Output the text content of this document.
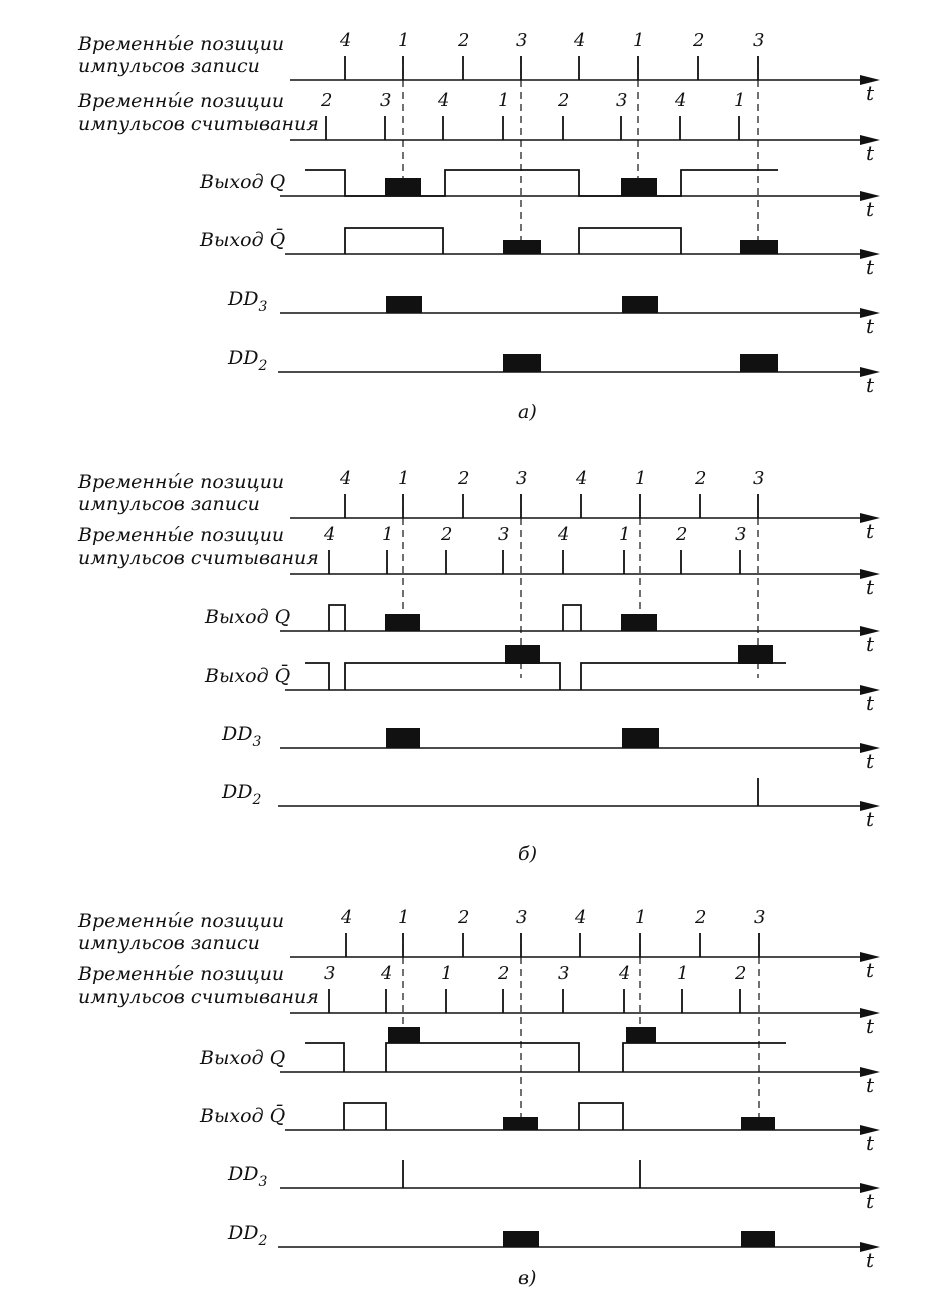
Временны́е позиции
импульсов записи
Временны́е позиции
импульсов считывания
Выход Q
Выход Q̄
$DD_3$
$DD_2$
t
t
t
t
t
t
4	1	2	3	4	1	2	3
2	3	4	1	2	3	4	1
а)
Временны́е позиции
импульсов записи
Временны́е позиции
импульсов считывания
Выход Q
Выход Q̄
$DD_3$
$DD_2$
t
t
t
t
t
t
4	1	2	3	4	1	2	3
4	1	2	3	4	1	2	3
б)
Временны́е позиции
импульсов записи
Временны́е позиции
импульсов считывания
Выход Q
Выход Q̄
$DD_3$
$DD_2$
t
t
t
t
t
t
4	1	2	3	4	1	2	3
3	4	1	2	3	4	1	2
в)
